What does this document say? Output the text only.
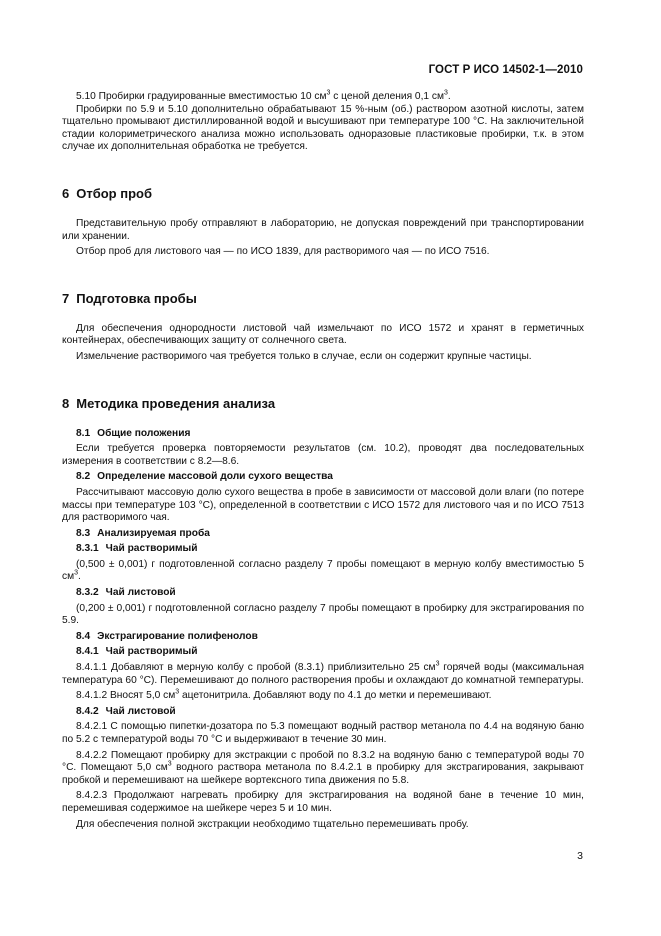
ГОСТ Р ИСО 14502-1—2010

5.10 Пробирки градуированные вместимостью 10 $см^3$ с ценой деления 0,1 $см^3$.

Пробирки по 5.9 и 5.10 дополнительно обрабатывают 15 %-ным (об.) раствором азотной кислоты, затем тщательно промывают дистиллированной водой и высушивают при температуре 100 °С. На заключительной стадии колориметрического анализа можно использовать одноразовые пластиковые пробирки, т.к. в этом случае их дополнительная обработка не требуется.

6 Отбор проб

Представительную пробу отправляют в лабораторию, не допуская повреждений при транспортировании или хранении.

Отбор проб для листового чая — по ИСО 1839, для растворимого чая — по ИСО 7516.

7 Подготовка пробы

Для обеспечения однородности листовой чай измельчают по ИСО 1572 и хранят в герметичных контейнерах, обеспечивающих защиту от солнечного света.

Измельчение растворимого чая требуется только в случае, если он содержит крупные частицы.

8 Методика проведения анализа
8.1 Общие положения

Если требуется проверка повторяемости результатов (см. 10.2), проводят два последовательных измерения в соответствии с 8.2—8.6.

8.2 Определение массовой доли сухого вещества

Рассчитывают массовую долю сухого вещества в пробе в зависимости от массовой доли влаги (по потере массы при температуре 103 °С), определенной в соответствии с ИСО 1572 для листового чая и по ИСО 7513 для растворимого чая.

8.3 Анализируемая проба
8.3.1 Чай растворимый

(0,500 ± 0,001) г подготовленной согласно разделу 7 пробы помещают в мерную колбу вместимостью 5 $см^3$.

8.3.2 Чай листовой

(0,200 ± 0,001) г подготовленной согласно разделу 7 пробы помещают в пробирку для экстрагирования по 5.9.

8.4 Экстрагирование полифенолов
8.4.1 Чай растворимый

8.4.1.1 Добавляют в мерную колбу с пробой (8.3.1) приблизительно 25 $см^3$ горячей воды (максимальная температура 60 °С). Перемешивают до полного растворения пробы и охлаждают до комнатной температуры.

8.4.1.2 Вносят 5,0 $см^3$ ацетонитрила. Добавляют воду по 4.1 до метки и перемешивают.

8.4.2 Чай листовой

8.4.2.1 С помощью пипетки-дозатора по 5.3 помещают водный раствор метанола по 4.4 на водяную баню по 5.2 с температурой воды 70 °С и выдерживают в течение 30 мин.

8.4.2.2 Помещают пробирку для экстракции с пробой по 8.3.2 на водяную баню с температурой воды 70 °С. Помещают 5,0 $см^3$ водного раствора метанола по 8.4.2.1 в пробирку для экстрагирования, закрывают пробкой и перемешивают на шейкере вортексного типа движения по 5.8.

8.4.2.3 Продолжают нагревать пробирку для экстрагирования на водяной бане в течение 10 мин, перемешивая содержимое на шейкере через 5 и 10 мин.

Для обеспечения полной экстракции необходимо тщательно перемешивать пробу.

3
